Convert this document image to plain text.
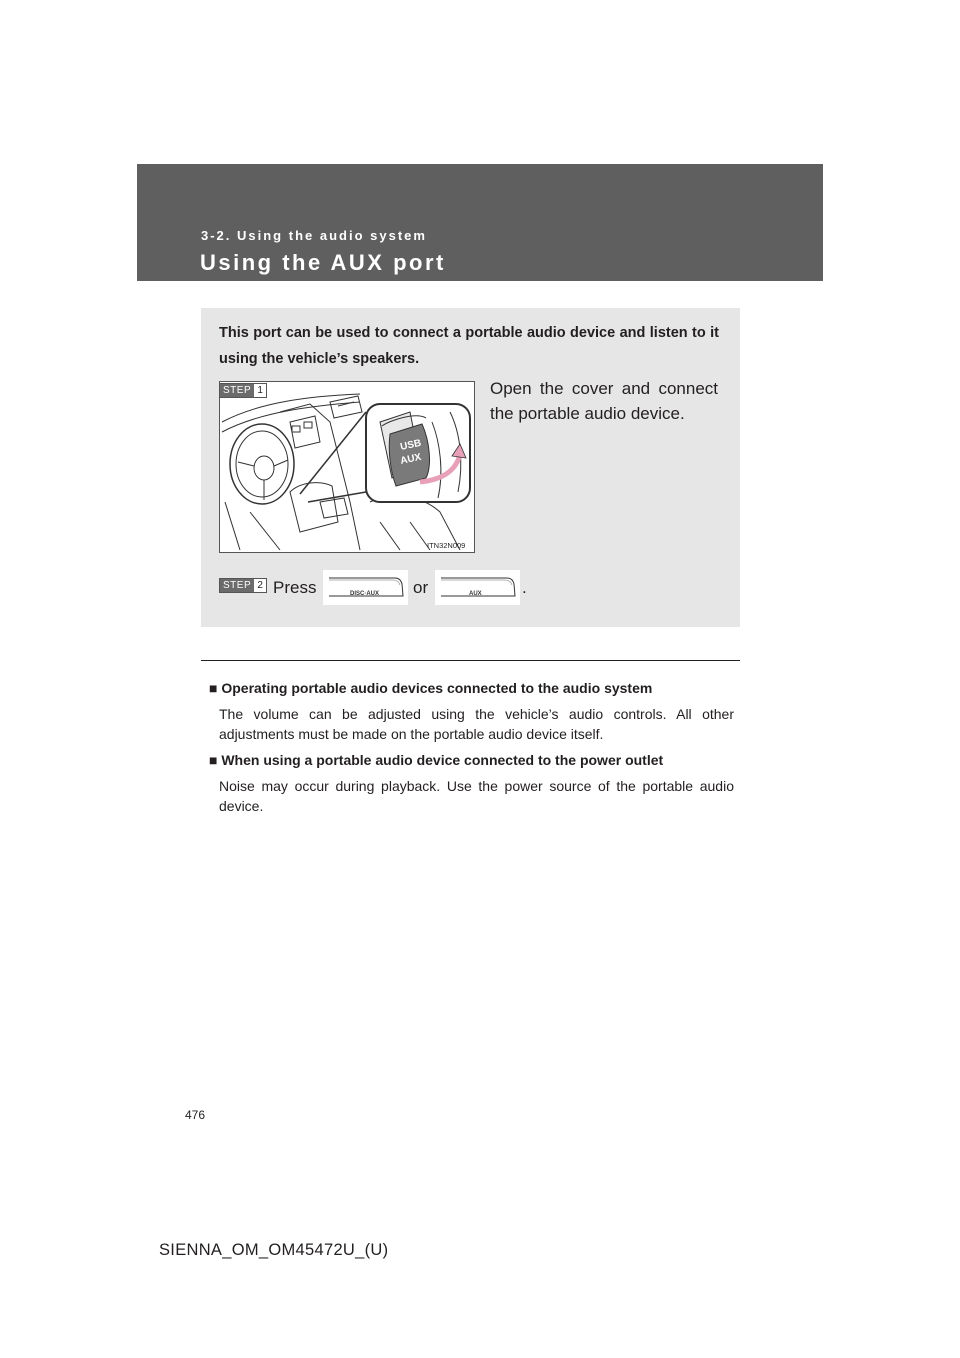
3-2. Using the audio system
Using the AUX port
This port can be used to connect a portable audio device and listen to it using the vehicle’s speakers.
USB
AUX
ITN32N009
STEP 1	Open the cover and connect the portable audio device.
STEP 2 Press	DISC·AUX or	AUX .
■ Operating portable audio devices connected to the audio system
The volume can be adjusted using the vehicle’s audio controls. All other adjustments must be made on the portable audio device itself.
■ When using a portable audio device connected to the power outlet
Noise may occur during playback. Use the power source of the portable audio device.
476
SIENNA_OM_OM45472U_(U)
